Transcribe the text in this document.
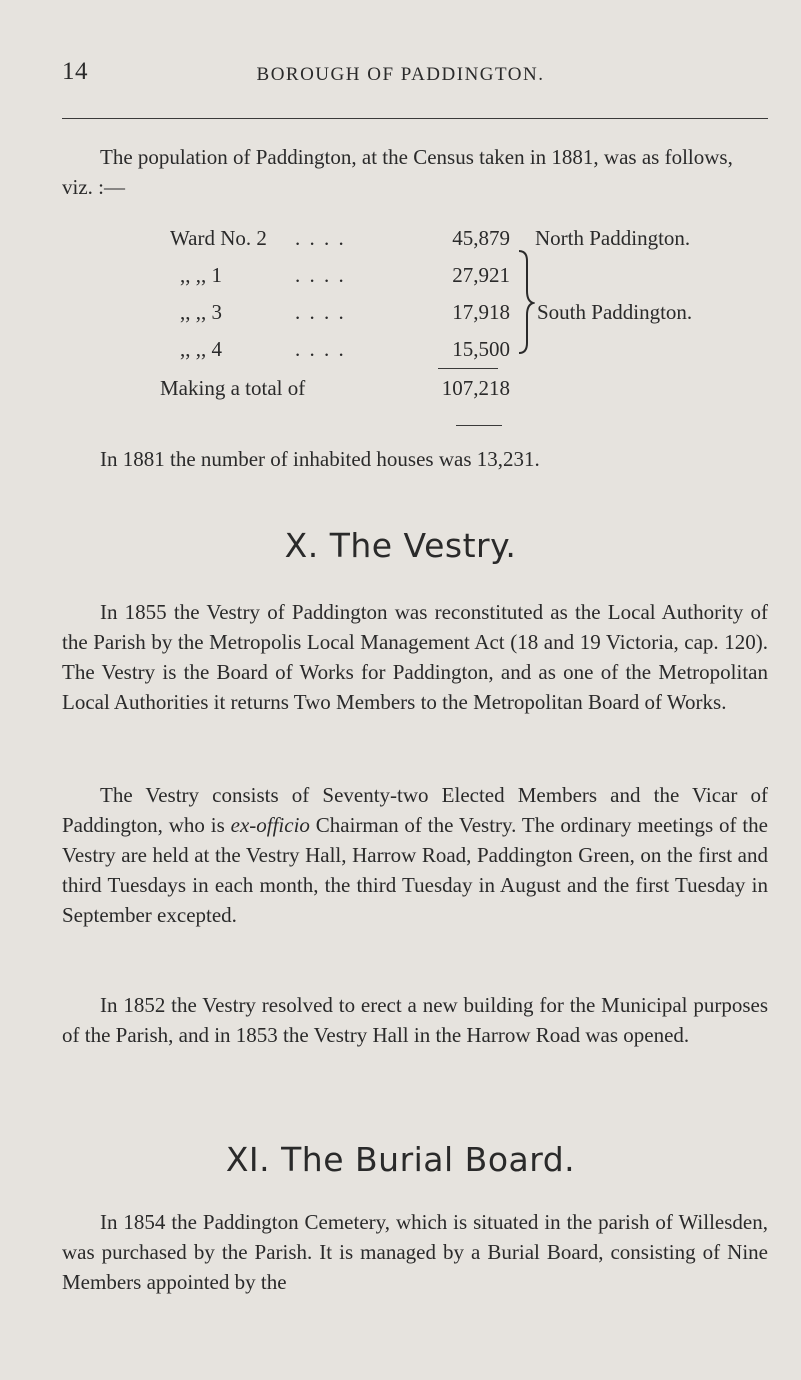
14	BOROUGH OF PADDINGTON.
The population of Paddington, at the Census taken in 1881, was as follows, viz. :—
Ward No. 2 . . . .	45,879 North Paddington.
,, ,, 1	. . . .	27,921
,, ,, 3	. . . .	17,918 South Paddington.
,, ,, 4	. . . .	15,500
Making a total of	107,218
In 1881 the number of inhabited houses was 13,231.
X. The Vestry.
In 1855 the Vestry of Paddington was reconstituted as the Local Authority of the Parish by the Metropolis Local Management Act (18 and 19 Victoria, cap. 120). The Vestry is the Board of Works for Paddington, and as one of the Metropolitan Local Authorities it returns Two Members to the Metropolitan Board of Works.
The Vestry consists of Seventy-two Elected Members and the Vicar of Paddington, who is ex-officio Chairman of the Vestry. The ordinary meetings of the Vestry are held at the Vestry Hall, Harrow Road, Paddington Green, on the first and third Tuesdays in each month, the third Tuesday in August and the first Tuesday in September excepted.
In 1852 the Vestry resolved to erect a new building for the Municipal purposes of the Parish, and in 1853 the Vestry Hall in the Harrow Road was opened.
XI. The Burial Board.
In 1854 the Paddington Cemetery, which is situated in the parish of Willesden, was purchased by the Parish. It is managed by a Burial Board, consisting of Nine Members appointed by the
